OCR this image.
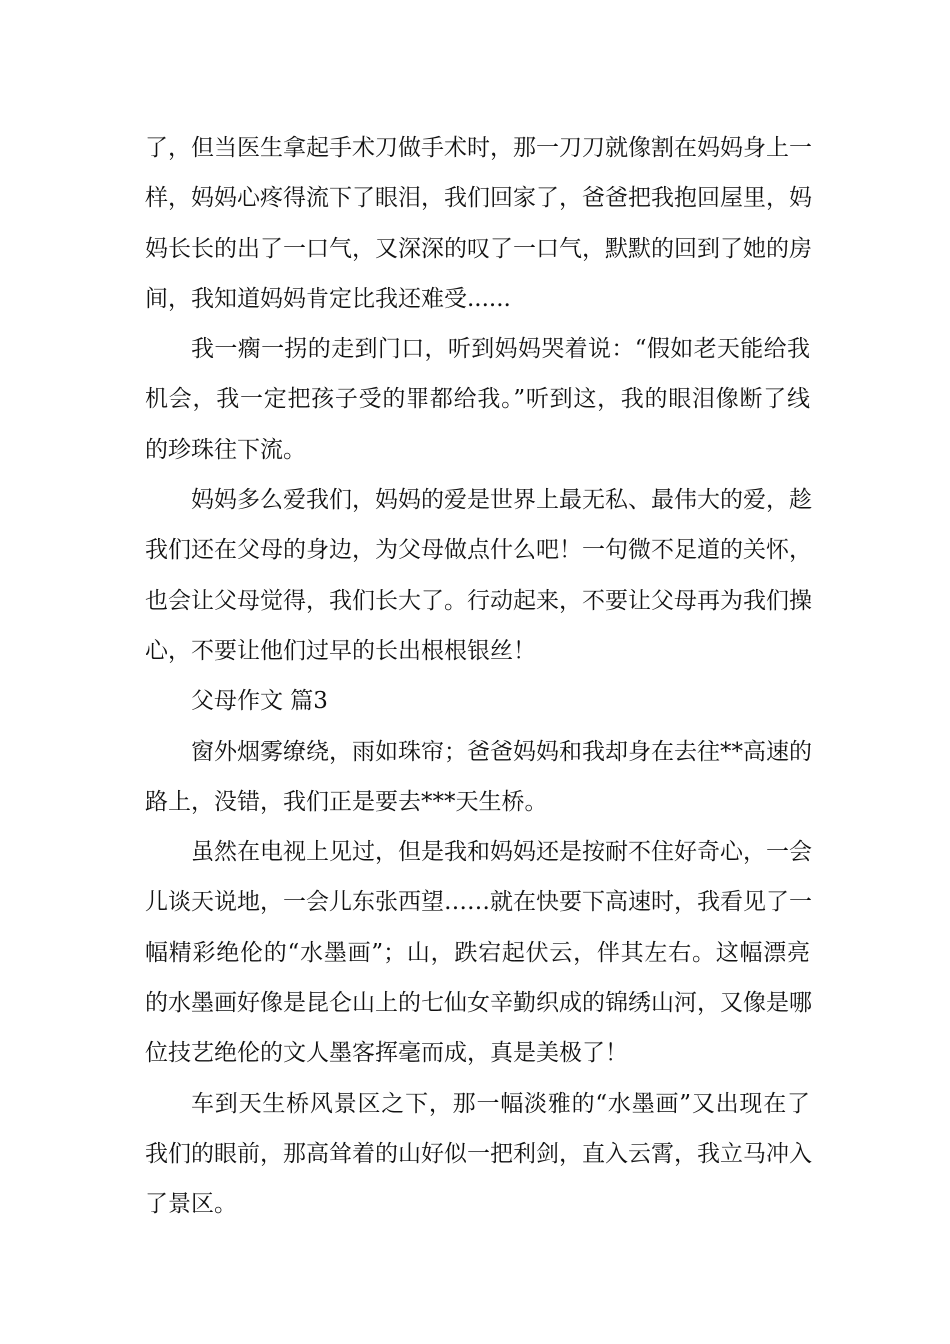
了，但当医生拿起手术刀做手术时，那一刀刀就像割在妈妈身上一
样，妈妈心疼得流下了眼泪，我们回家了，爸爸把我抱回屋里，妈
妈长长的出了一口气，又深深的叹了一口气，默默的回到了她的房
间，我知道妈妈肯定比我还难受......
我一瘸一拐的走到门口，听到妈妈哭着说：“假如老天能给我
机会，我一定把孩子受的罪都给我。”听到这，我的眼泪像断了线
的珍珠往下流。
妈妈多么爱我们，妈妈的爱是世界上最无私、最伟大的爱，趁
我们还在父母的身边，为父母做点什么吧！一句微不足道的关怀，
也会让父母觉得，我们长大了。行动起来，不要让父母再为我们操
心，不要让他们过早的长出根根银丝！
父母作文 篇3
窗外烟雾缭绕，雨如珠帘；爸爸妈妈和我却身在去往**高速的
路上，没错，我们正是要去***天生桥。
虽然在电视上见过，但是我和妈妈还是按耐不住好奇心，一会
儿谈天说地，一会儿东张西望……就在快要下高速时，我看见了一
幅精彩绝伦的“水墨画”；山，跌宕起伏云，伴其左右。这幅漂亮
的水墨画好像是昆仑山上的七仙女辛勤织成的锦绣山河，又像是哪
位技艺绝伦的文人墨客挥毫而成，真是美极了！
车到天生桥风景区之下，那一幅淡雅的“水墨画”又出现在了
我们的眼前，那高耸着的山好似一把利剑，直入云霄，我立马冲入
了景区。
